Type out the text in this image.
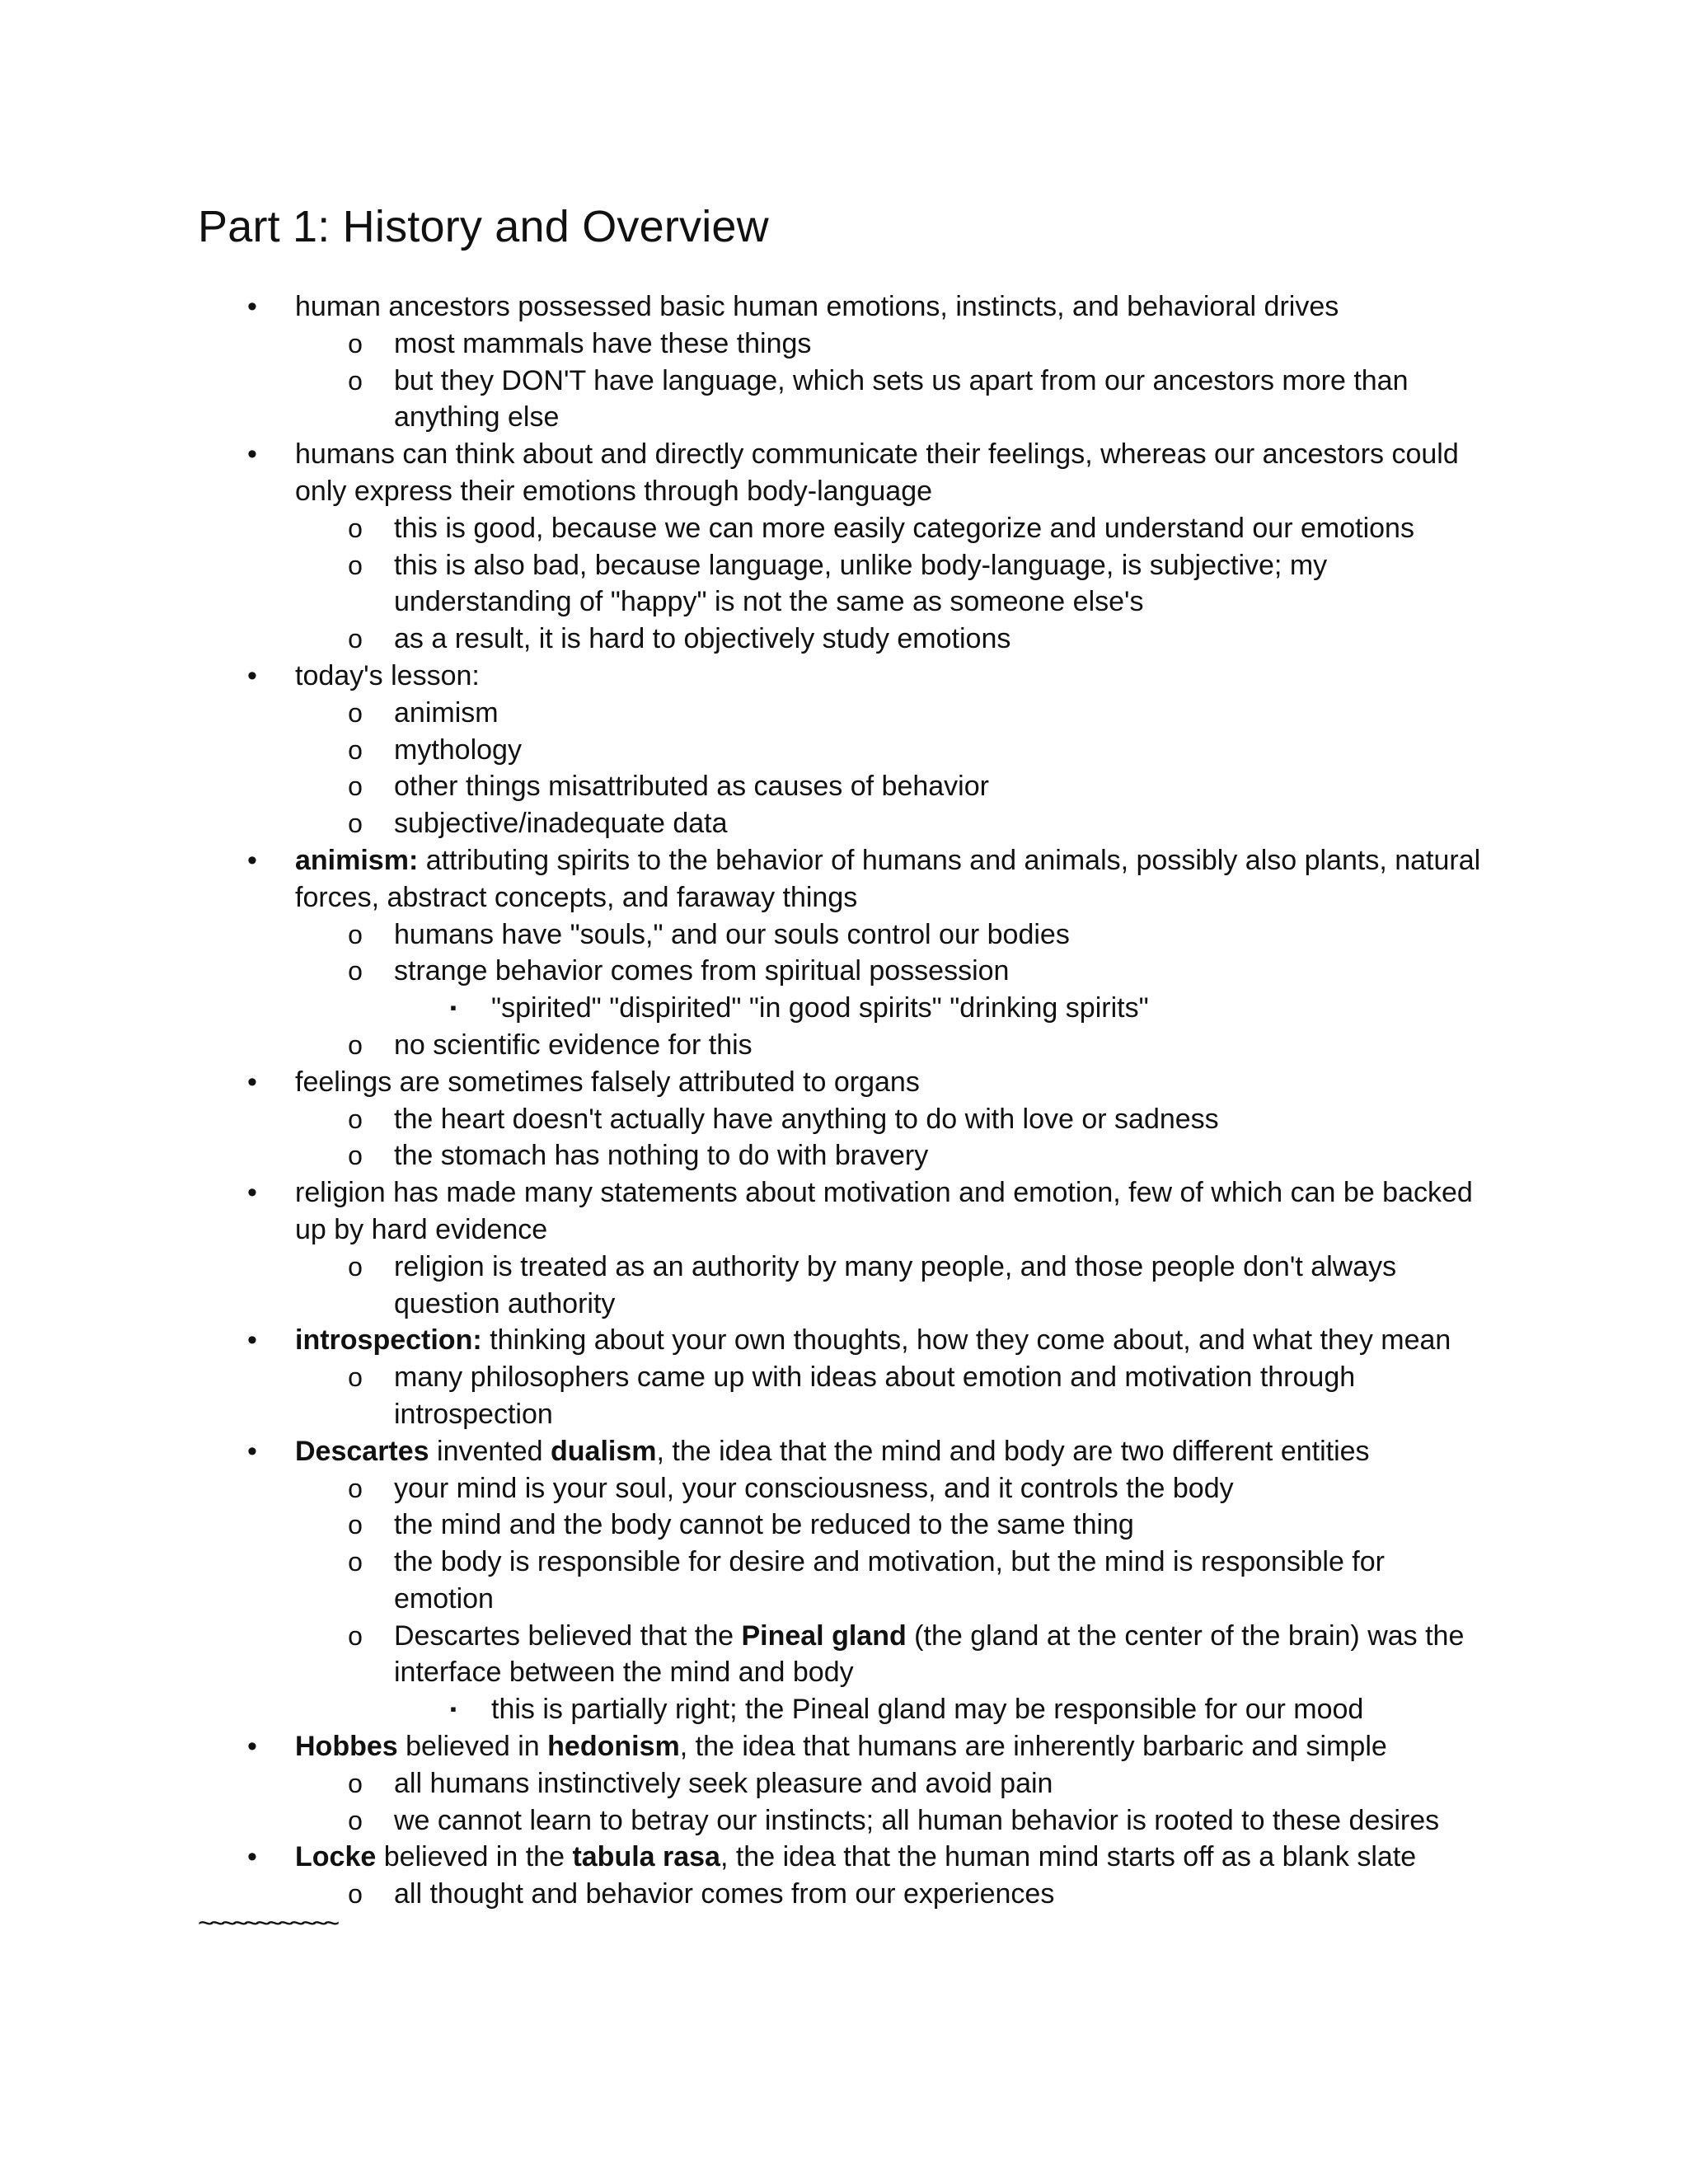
Part 1: History and Overview
•	human ancestors possessed basic human emotions, instincts, and behavioral drives
o	most mammals have these things
o	but they DON'T have language, which sets us apart from our ancestors more than
anything else
•	humans can think about and directly communicate their feelings, whereas our ancestors could
only express their emotions through body-language
o	this is good, because we can more easily categorize and understand our emotions
o	this is also bad, because language, unlike body-language, is subjective; my
understanding of "happy" is not the same as someone else's
o	as a result, it is hard to objectively study emotions
•	today's lesson:
o	animism
o	mythology
o	other things misattributed as causes of behavior
o	subjective/inadequate data
•	animism: attributing spirits to the behavior of humans and animals, possibly also plants, natural
forces, abstract concepts, and faraway things
o	humans have "souls," and our souls control our bodies
o	strange behavior comes from spiritual possession
▪	"spirited" "dispirited" "in good spirits" "drinking spirits"
o	no scientific evidence for this
•	feelings are sometimes falsely attributed to organs
o	the heart doesn't actually have anything to do with love or sadness
o	the stomach has nothing to do with bravery
•	religion has made many statements about motivation and emotion, few of which can be backed
up by hard evidence
o	religion is treated as an authority by many people, and those people don't always
question authority
•	introspection: thinking about your own thoughts, how they come about, and what they mean
o	many philosophers came up with ideas about emotion and motivation through
introspection
•	Descartes invented dualism, the idea that the mind and body are two different entities
o	your mind is your soul, your consciousness, and it controls the body
o	the mind and the body cannot be reduced to the same thing
o	the body is responsible for desire and motivation, but the mind is responsible for
emotion
o	Descartes believed that the Pineal gland (the gland at the center of the brain) was the
interface between the mind and body
▪	this is partially right; the Pineal gland may be responsible for our mood
•	Hobbes believed in hedonism, the idea that humans are inherently barbaric and simple
o	all humans instinctively seek pleasure and avoid pain
o	we cannot learn to betray our instincts; all human behavior is rooted to these desires
•	Locke believed in the tabula rasa, the idea that the human mind starts off as a blank slate
o	all thought and behavior comes from our experiences
~~~~~~~~~~~~
